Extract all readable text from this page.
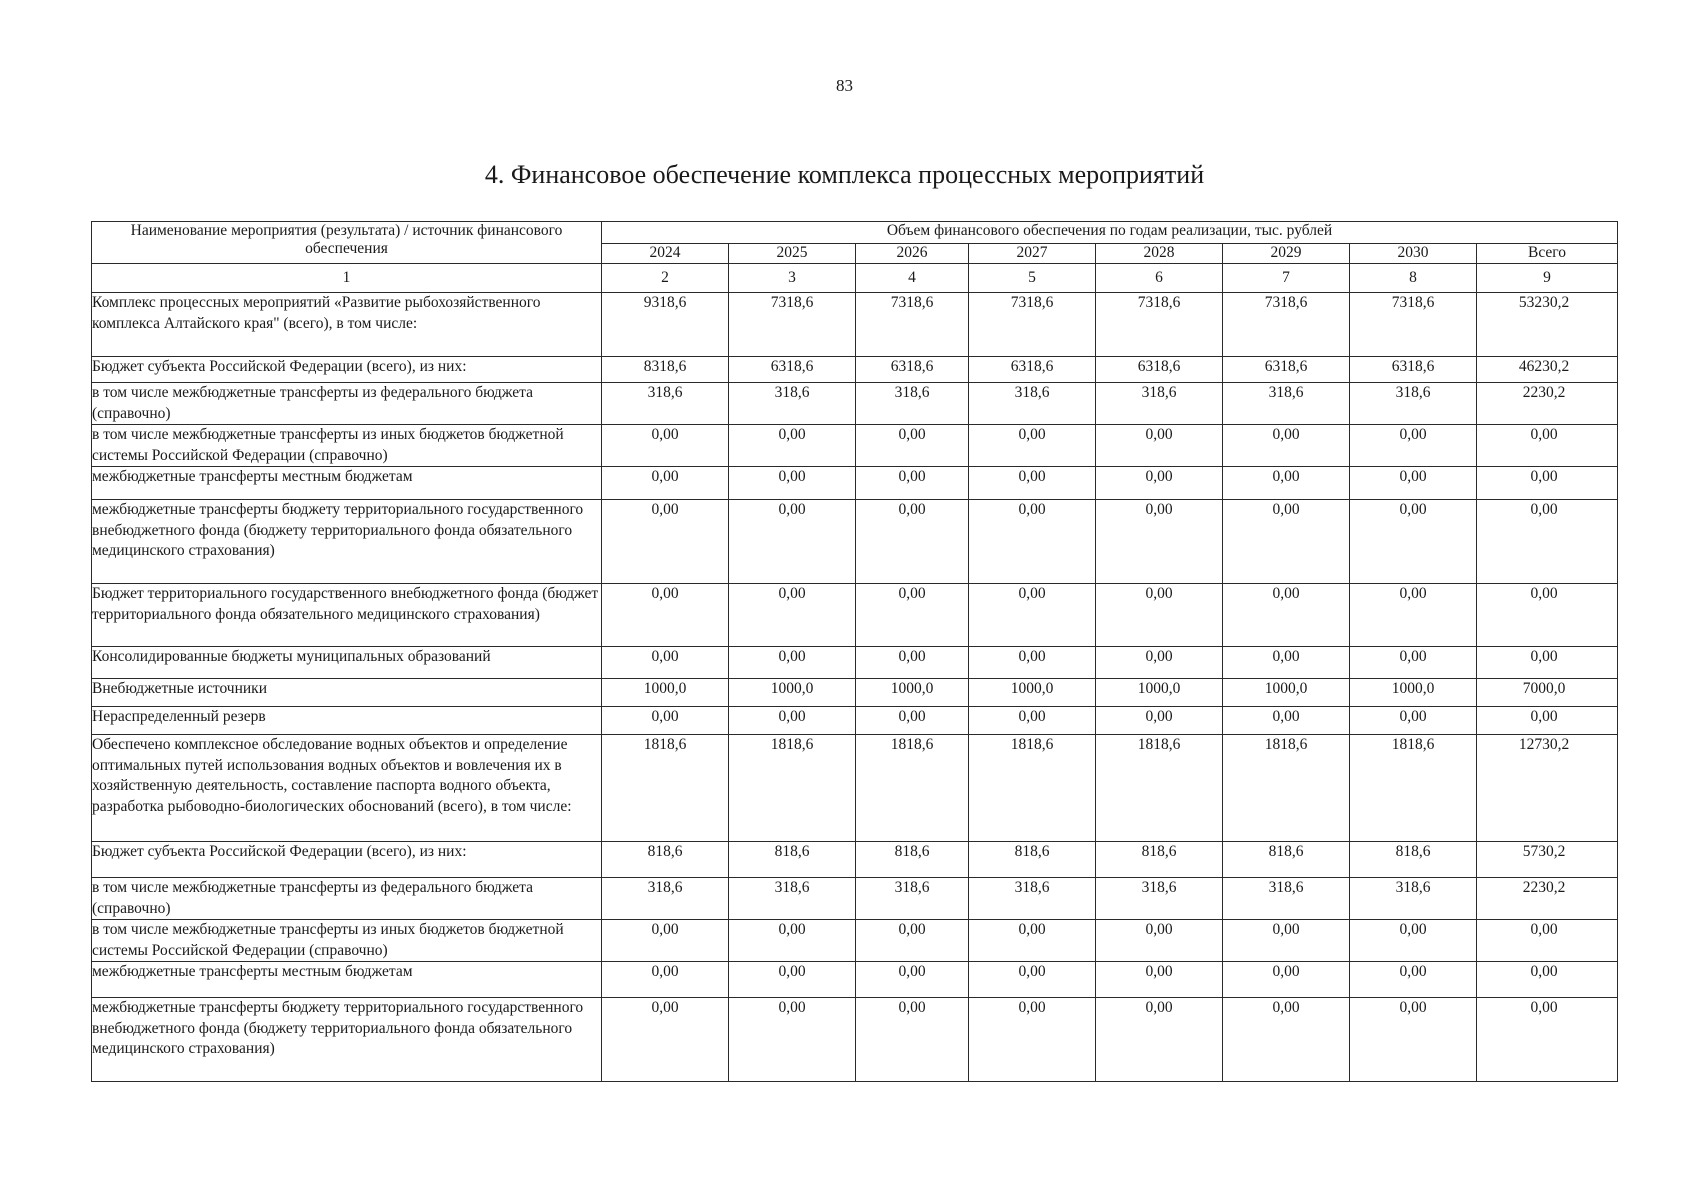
83
4. Финансовое обеспечение комплекса процессных мероприятий
Наименование мероприятия (результата) / источник финансового обеспечения	Объем финансового обеспечения по годам реализации, тыс. рублей							
	2024	2025	2026	2027	2028	2029	2030	Всего
1	2	3	4	5	6	7	8	9
Комплекс процессных мероприятий «Развитие рыбохозяйственного комплекса Алтайского края" (всего), в том числе:	9318,6	7318,6	7318,6	7318,6	7318,6	7318,6	7318,6	53230,2
Бюджет субъекта Российской Федерации (всего), из них:	8318,6	6318,6	6318,6	6318,6	6318,6	6318,6	6318,6	46230,2
в том числе межбюджетные трансферты из федерального бюджета (справочно)	318,6	318,6	318,6	318,6	318,6	318,6	318,6	2230,2
в том числе межбюджетные трансферты из иных бюджетов бюджетной системы Российской Федерации (справочно)	0,00	0,00	0,00	0,00	0,00	0,00	0,00	0,00
межбюджетные трансферты местным бюджетам	0,00	0,00	0,00	0,00	0,00	0,00	0,00	0,00
межбюджетные трансферты бюджету территориального государственного внебюджетного фонда (бюджету территориального фонда обязательного медицинского страхования)	0,00	0,00	0,00	0,00	0,00	0,00	0,00	0,00
Бюджет территориального государственного внебюджетного фонда (бюджет территориального фонда обязательного медицинского страхования)	0,00	0,00	0,00	0,00	0,00	0,00	0,00	0,00
Консолидированные бюджеты муниципальных образований	0,00	0,00	0,00	0,00	0,00	0,00	0,00	0,00
Внебюджетные источники	1000,0	1000,0	1000,0	1000,0	1000,0	1000,0	1000,0	7000,0
Нераспределенный резерв	0,00	0,00	0,00	0,00	0,00	0,00	0,00	0,00
Обеспечено комплексное обследование водных объектов и определение оптимальных путей использования водных объектов и вовлечения их в хозяйственную деятельность, составление паспорта водного объекта, разработка рыбоводно-биологических обоснований (всего), в том числе:	1818,6	1818,6	1818,6	1818,6	1818,6	1818,6	1818,6	12730,2
Бюджет субъекта Российской Федерации (всего), из них:	818,6	818,6	818,6	818,6	818,6	818,6	818,6	5730,2
в том числе межбюджетные трансферты из федерального бюджета (справочно)	318,6	318,6	318,6	318,6	318,6	318,6	318,6	2230,2
в том числе межбюджетные трансферты из иных бюджетов бюджетной системы Российской Федерации (справочно)	0,00	0,00	0,00	0,00	0,00	0,00	0,00	0,00
межбюджетные трансферты местным бюджетам	0,00	0,00	0,00	0,00	0,00	0,00	0,00	0,00
межбюджетные трансферты бюджету территориального государственного внебюджетного фонда (бюджету территориального фонда обязательного медицинского страхования)	0,00	0,00	0,00	0,00	0,00	0,00	0,00	0,00
